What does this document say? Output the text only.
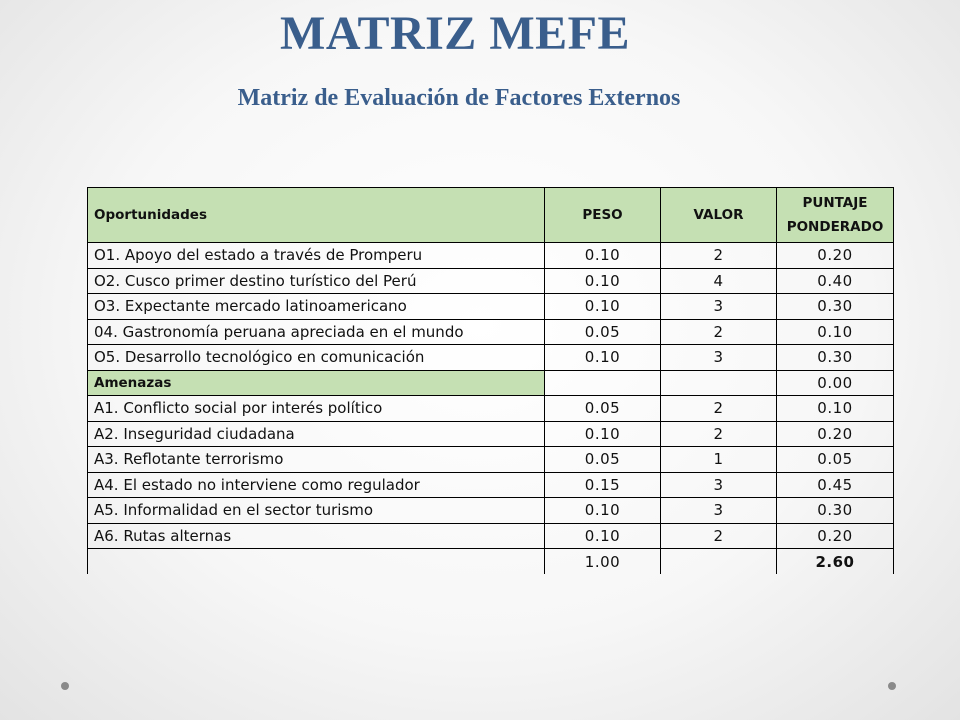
MATRIZ MEFE
Matriz de Evaluación de Factores Externos
Oportunidades	PESO	VALOR	PUNTAJE
PONDERADO
O1. Apoyo del estado a través de Promperu	0.10	2	0.20
O2. Cusco primer destino turístico del Perú	0.10	4	0.40
O3. Expectante mercado latinoamericano	0.10	3	0.30
04. Gastronomía peruana apreciada en el mundo	0.05	2	0.10
O5. Desarrollo tecnológico en comunicación	0.10	3	0.30
Amenazas			0.00
A1. Conflicto social por interés político	0.05	2	0.10
A2. Inseguridad ciudadana	0.10	2	0.20
A3. Reflotante terrorismo	0.05	1	0.05
A4. El estado no interviene como regulador	0.15	3	0.45
A5. Informalidad en el sector turismo	0.10	3	0.30
A6. Rutas alternas	0.10	2	0.20
	1.00		2.60
